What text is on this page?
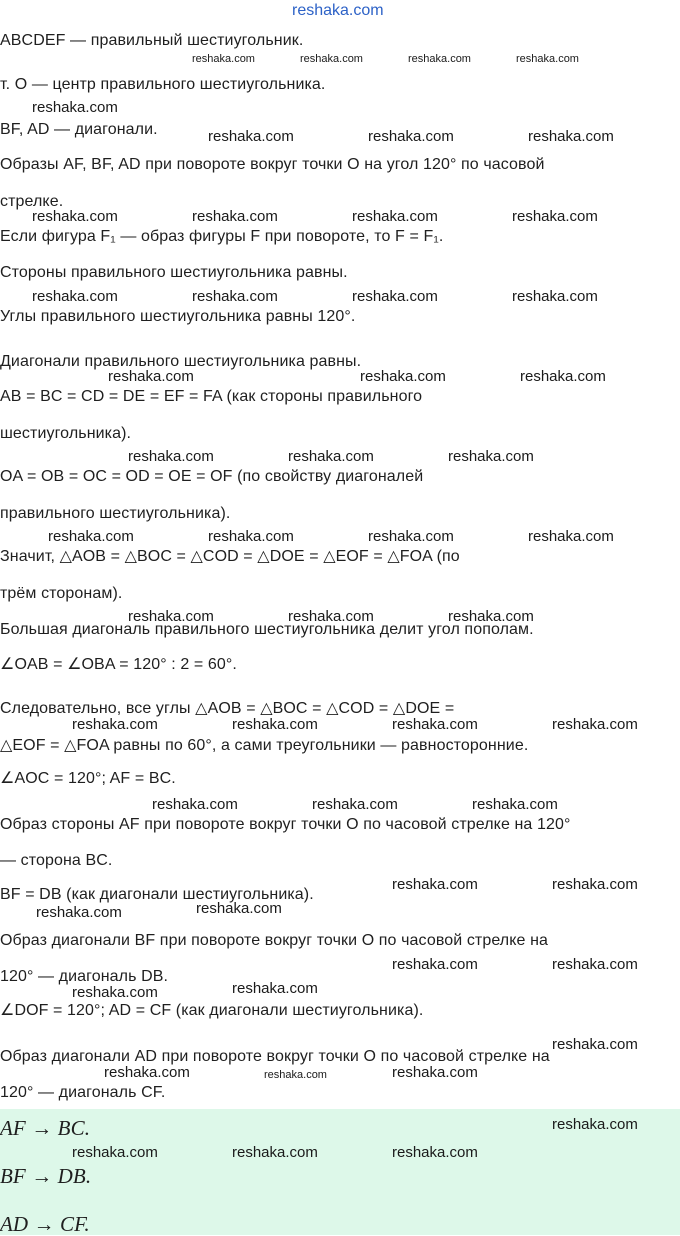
reshaka.com
ABCDEF — правильный шестиугольник.
т. O — центр правильного шестиугольника.
BF, AD — диагонали.
Образы AF, BF, AD при повороте вокруг точки O на угол 120° по часовой
стрелке.
Если фигура F₁ — образ фигуры F при повороте, то F = F₁.
Стороны правильного шестиугольника равны.
Углы правильного шестиугольника равны 120°.
Диагонали правильного шестиугольника равны.
AB = BC = CD = DE = EF = FA (как стороны правильного
шестиугольника).
OA = OB = OC = OD = OE = OF (по свойству диагоналей
правильного шестиугольника).
Значит, △AOB = △BOC = △COD = △DOE = △EOF = △FOA (по
трём сторонам).
Большая диагональ правильного шестиугольника делит угол пополам.
∠OAB = ∠OBA = 120° : 2 = 60°.
Следовательно, все углы △AOB = △BOC = △COD = △DOE =
△EOF = △FOA равны по 60°, а сами треугольники — равносторонние.
∠AOC = 120°; AF = BC.
Образ стороны AF при повороте вокруг точки O по часовой стрелке на 120°
— сторона BC.
BF = DB (как диагонали шестиугольника).
Образ диагонали BF при повороте вокруг точки O по часовой стрелке на
120° — диагональ DB.
∠DOF = 120°; AD = CF (как диагонали шестиугольника).
Образ диагонали AD при повороте вокруг точки O по часовой стрелке на
120° — диагональ CF.
AF → BC.
BF → DB.
AD → CF.
reshaka.com	reshaka.com	reshaka.com	reshaka.com
reshaka.com
reshaka.com	reshaka.com	reshaka.com
reshaka.com	reshaka.com	reshaka.com	reshaka.com
reshaka.com	reshaka.com	reshaka.com	reshaka.com
reshaka.com	reshaka.com	reshaka.com
reshaka.com	reshaka.com	reshaka.com
reshaka.com	reshaka.com	reshaka.com	reshaka.com
reshaka.com	reshaka.com	reshaka.com
reshaka.com	reshaka.com	reshaka.com	reshaka.com
reshaka.com	reshaka.com	reshaka.com
reshaka.com	reshaka.com
reshaka.com	reshaka.com
reshaka.com	reshaka.com
reshaka.com	reshaka.com
reshaka.com
reshaka.com	reshaka.com	reshaka.com
reshaka.com
reshaka.com	reshaka.com	reshaka.com
